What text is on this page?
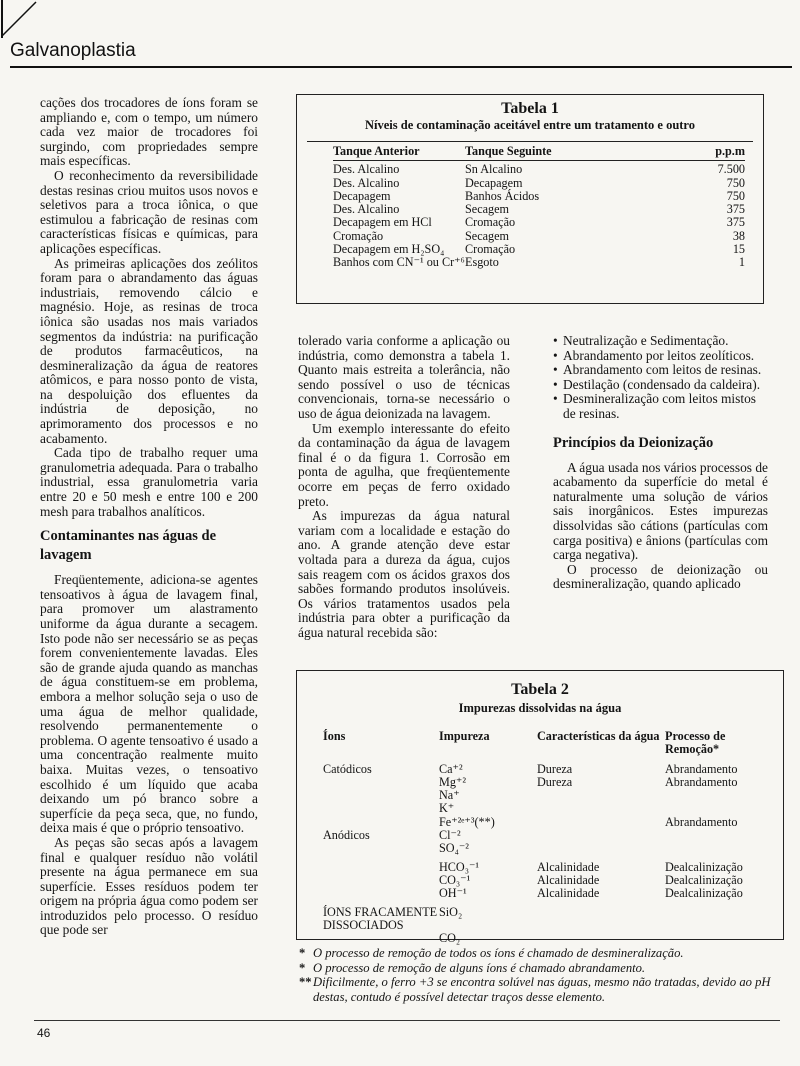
Galvanoplastia

cações dos trocadores de íons foram se ampliando e, com o tempo, um número cada vez maior de trocadores foi surgindo, com propriedades sempre mais específicas.

O reconhecimento da reversibilidade destas resinas criou muitos usos novos e seletivos para a troca iônica, o que estimulou a fabricação de resinas com características físicas e químicas, para aplicações específicas.

As primeiras aplicações dos zeólitos foram para o abrandamento das águas industriais, removendo cálcio e magnésio. Hoje, as resinas de troca iônica são usadas nos mais variados segmentos da indústria: na purificação de produtos farmacêuticos, na desmineralização da água de reatores atômicos, e para nosso ponto de vista, na despoluição dos efluentes da indústria de deposição, no aprimoramento dos processos e no acabamento.

Cada tipo de trabalho requer uma granulometria adequada. Para o trabalho industrial, essa granulometria varia entre 20 e 50 mesh e entre 100 e 200 mesh para trabalhos analíticos.

Contaminantes nas águas de lavagem

Freqüentemente, adiciona-se agentes tensoativos à água de lavagem final, para promover um alastramento uniforme da água durante a secagem. Isto pode não ser necessário se as peças forem convenientemente lavadas. Eles são de grande ajuda quando as manchas de água constituem-se em problema, embora a melhor solução seja o uso de uma água de melhor qualidade, resolvendo permanentemente o problema. O agente tensoativo é usado a uma concentração realmente muito baixa. Muitas vezes, o tensoativo escolhido é um líquido que acaba deixando um pó branco sobre a superfície da peça seca, que, no fundo, deixa mais é que o próprio tensoativo.

As peças são secas após a lavagem final e qualquer resíduo não volátil presente na água permanece em sua superfície. Esses resíduos podem ter origem na própria água como podem ser introduzidos pelo processo. O resíduo que pode ser

Tabela 1
Níveis de contaminação aceitável entre um tratamento e outro
Tanque Anterior	Tanque Seguinte	p.p.m

Des. Alcalino	Sn Alcalino	7.500
Des. Alcalino	Decapagem	750
Decapagem	Banhos Ácidos	750
Des. Alcalino	Secagem	375
Decapagem em HCl	Cromação	375
Cromação	Secagem	38
Decapagem em H₂SO₄	Cromação	15
Banhos com CN⁻¹ ou Cr⁺⁶	Esgoto	1

tolerado varia conforme a aplicação ou indústria, como demonstra a tabela 1. Quanto mais estreita a tolerância, não sendo possível o uso de técnicas convencionais, torna-se necessário o uso de água deionizada na lavagem.

Um exemplo interessante do efeito da contaminação da água de lavagem final é o da figura 1. Corrosão em ponta de agulha, que freqüentemente ocorre em peças de ferro oxidado preto.

As impurezas da água natural variam com a localidade e estação do ano. A grande atenção deve estar voltada para a dureza da água, cujos sais reagem com os ácidos graxos dos sabões formando produtos insolúveis. Os vários tratamentos usados pela indústria para obter a purificação da água natural recebida são:

• Neutralização e Sedimentação.

• Abrandamento por leitos zeolíticos.

• Abrandamento com leitos de resinas.

• Destilação (condensado da caldeira).

• Desmineralização com leitos mistos de resinas.

Princípios da Deionização

A água usada nos vários processos de acabamento da superfície do metal é naturalmente uma solução de vários sais inorgânicos. Estes impurezas dissolvidas são cátions (partículas com carga positiva) e ânions (partículas com carga negativa).

O processo de deionização ou desmineralização, quando aplicado

Tabela 2
Impurezas dissolvidas na água
Íons	Impureza	Características da água	Processo de Remoção*
Catódicos	Ca⁺²	Dureza	Abrandamento
	Mg⁺²	Dureza	Abrandamento
	Na⁺		
	K⁺		
	Fe⁺²ᵉ⁺³(**)		Abrandamento
Anódicos	Cl⁻²		
	SO₄⁻²		
	HCO₃⁻¹	Alcalinidade	Dealcalinização
	CO₃⁻¹	Alcalinidade	Dealcalinização
	OH⁻¹	Alcalinidade	Dealcalinização
ÍONS FRACAMENTE DISSOCIADOS	SiO₂		
	CO₂		
* O processo de remoção de todos os íons é chamado de desmineralização.
* O processo de remoção de alguns íons é chamado abrandamento.
** Dificilmente, o ferro +3 se encontra solúvel nas águas, mesmo não tratadas, devido ao pH destas, contudo é possível detectar traços desse elemento.
46
